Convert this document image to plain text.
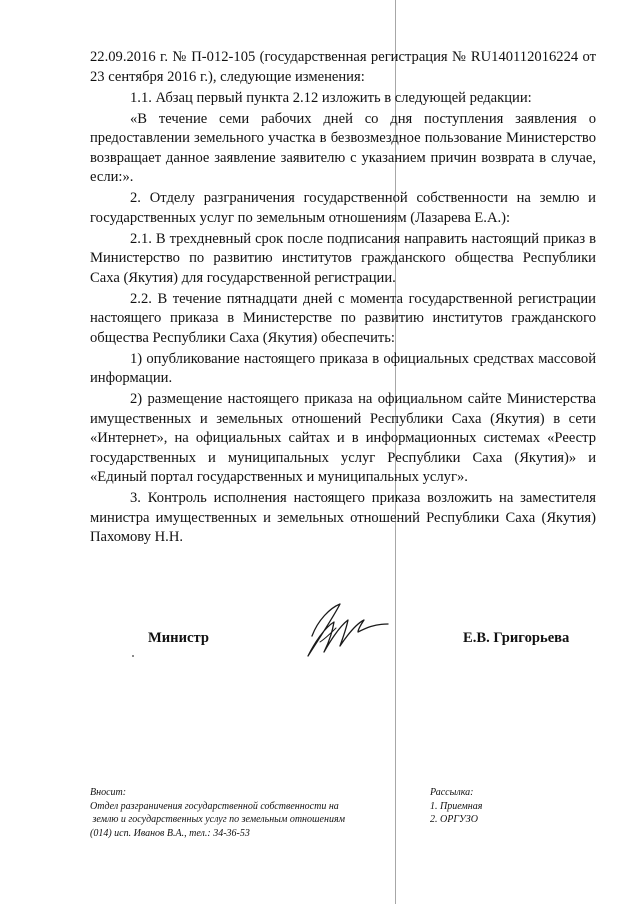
22.09.2016 г. № П-012-105 (государственная регистрация № RU140112016224 от 23 сентября 2016 г.), следующие изменения:

1.1. Абзац первый пункта 2.12 изложить в следующей редакции:

«В течение семи рабочих дней со дня поступления заявления о предоставлении земельного участка в безвозмездное пользование Министерство возвращает данное заявление заявителю с указанием причин возврата в случае, если:».

2. Отделу разграничения государственной собственности на землю и государственных услуг по земельным отношениям (Лазарева Е.А.):

2.1. В трехдневный срок после подписания направить настоящий приказ в Министерство по развитию институтов гражданского общества Республики Саха (Якутия) для государственной регистрации.

2.2. В течение пятнадцати дней с момента государственной регистрации настоящего приказа в Министерстве по развитию институтов гражданского общества Республики Саха (Якутия) обеспечить:

1) опубликование настоящего приказа в официальных средствах массовой информации.

2) размещение настоящего приказа на официальном сайте Министерства имущественных и земельных отношений Республики Саха (Якутия) в сети «Интернет», на официальных сайтах и в информационных системах «Реестр государственных и муниципальных услуг Республики Саха (Якутия)» и «Единый портал государственных и муниципальных услуг».

3. Контроль исполнения настоящего приказа возложить на заместителя министра имущественных и земельных отношений Республики Саха (Якутия) Пахомову Н.Н.

Министр	Е.В. Григорьева
Вносит:
Отдел разграничения государственной собственности на
землю и государственных услуг по земельным отношениям
(014) исп. Иванов В.А., тел.: 34-36-53
Рассылка:
1. Приемная
2. ОРГУЗО
